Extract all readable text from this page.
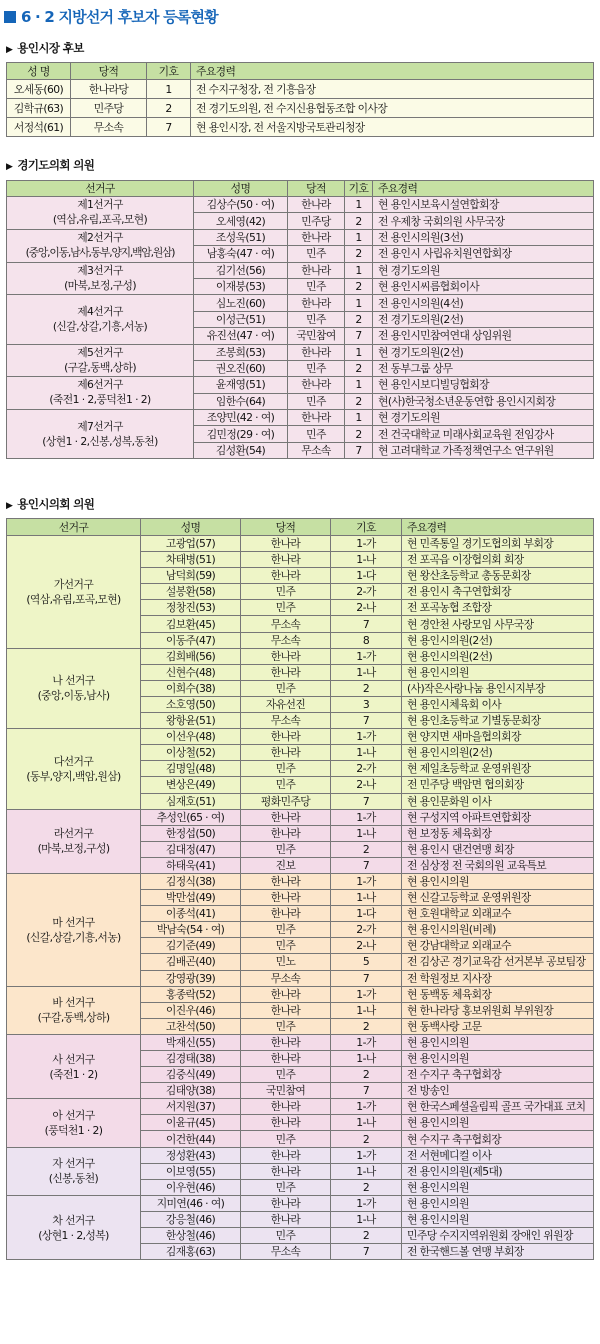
6 · 2 지방선거 후보자 등록현황
▶ 용인시장 후보
성 명	당적	기호	주요경력
오세동(60)	한나라당	1	전 수지구청장, 전 기흥읍장
김학규(63)	민주당	2	전 경기도의원, 전 수지신용협동조합 이사장
서정석(61)	무소속	7	현 용인시장, 전 서울지방국토관리청장
▶ 경기도의회 의원
선거구	성명	당적	기호	주요경력

제1선거구
(역삼,유림,포곡,모현)	김상수(50 · 여)	한나라	1	현 용인시보육시설연합회장
	오세영(42)	민주당	2	전 우제창 국회의원 사무국장

제2선거구
(중앙,이동,남사,동부,양지,백암,원삼)	조성욱(51)	한나라	1	전 용인시의원(3선)
	남홍숙(47 · 여)	민주	2	전 용인시 사립유치원연합회장

제3선거구
(마북,보정,구성)	김기선(56)	한나라	1	현 경기도의원
	이재붕(53)	민주	2	현 용인시씨름협회이사

제4선거구
(신갈,상갈,기흥,서농)	심노진(60)	한나라	1	전 용인시의원(4선)
	이성근(51)	민주	2	전 경기도의원(2선)
	유진선(47 · 여)	국민참여	7	전 용인시민참여연대 상임위원

제5선거구
(구갈,동백,상하)	조봉희(53)	한나라	1	현 경기도의원(2선)
	권오진(60)	민주	2	전 동부그룹 상무

제6선거구
(죽전1 · 2,풍덕천1 · 2)	윤재영(51)	한나라	1	현 용인시보디빌딩협회장
	임한수(64)	민주	2	현(사)한국청소년운동연합 용인시지회장

제7선거구
(상현1 · 2,신봉,성복,동천)	조양민(42 · 여)	한나라	1	현 경기도의원
	김민정(29 · 여)	민주	2	전 건국대학교 미래사회교육원 전임강사
	김성환(54)	무소속	7	현 고려대학교 가족정책연구소 연구위원
▶ 용인시의회 의원
선거구	성명	당적	기호	주요경력

가선거구
(역삼,유림,포곡,모현)	고광업(57)	한나라	1-가	현 민족통일 경기도협의회 부회장
	차태병(51)	한나라	1-나	전 포곡읍 이장협의회 회장
	남덕희(59)	한나라	1-다	현 왕산초등학교 총동문회장
	설봉환(58)	민주	2-가	전 용인시 축구연합회장
	정창진(53)	민주	2-나	전 포곡농협 조합장
	김보환(45)	무소속	7	현 경안천 사랑모임 사무국장
	이동주(47)	무소속	8	현 용인시의원(2선)

나 선거구
(중앙,이동,남사)	김희배(56)	한나라	1-가	현 용인시의원(2선)
	신현수(48)	한나라	1-나	현 용인시의원
	이희수(38)	민주	2	(사)작은사랑나눔 용인시지부장
	소호영(50)	자유선진	3	현 용인시체육회 이사
	왕항윤(51)	무소속	7	현 용인초등학교 기별동문회장

다선거구
(동부,양지,백암,원삼)	이선우(48)	한나라	1-가	현 양지면 새마을협의회장
	이상철(52)	한나라	1-나	현 용인시의원(2선)
	김명일(48)	민주	2-가	현 제일초등학교 운영위원장
	변상은(49)	민주	2-나	전 민주당 백암면 협의회장
	심재호(51)	평화민주당	7	현 용인문화원 이사

라선거구
(마북,보정,구성)	추성인(65 · 여)	한나라	1-가	현 구성지역 아파트연합회장
	한정섭(50)	한나라	1-나	현 보정동 체육회장
	김대정(47)	민주	2	현 용인시 댄건연맹 회장
	하태욱(41)	진보	7	전 심상정 전 국회의원 교육특보

마 선거구
(신갈,상갈,기흥,서농)	김정식(38)	한나라	1-가	현 용인시의원
	박만섭(49)	한나라	1-나	현 신갈고등학교 운영위원장
	이종석(41)	한나라	1-다	현 호원대학교 외래교수
	박남숙(54 · 여)	민주	2-가	현 용인시의원(비례)
	김기준(49)	민주	2-나	현 강남대학교 외래교수
	김배곤(40)	민노	5	전 김상곤 경기교육감 선거본부 공보팀장
	강영광(39)	무소속	7	전 학원정보 지사장

바 선거구
(구갈,동백,상하)	홍종락(52)	한나라	1-가	현 동백동 체육회장
	이진우(46)	한나라	1-나	현 한나라당 홍보위원회 부위원장
	고찬석(50)	민주	2	현 동백사랑 고문

사 선거구
(죽전1 · 2)	박재신(55)	한나라	1-가	현 용인시의원
	김경태(38)	한나라	1-나	현 용인시의원
	김중식(49)	민주	2	전 수지구 축구협회장
	김태양(38)	국민참여	7	전 방송인

아 선거구
(풍덕천1 · 2)	서지원(37)	한나라	1-가	현 한국스페셜올림픽 골프 국가대표 코치
	이윤규(45)	한나라	1-나	현 용인시의원
	이건한(44)	민주	2	현 수지구 축구협회장

자 선거구
(신봉,동천)	정성환(43)	한나라	1-가	전 서현메디컬 이사
	이보영(55)	한나라	1-나	전 용인시의원(제5대)
	이우현(46)	민주	2	현 용인시의원

차 선거구
(상현1 · 2,성복)	지미연(46 · 여)	한나라	1-가	현 용인시의원
	강응철(46)	한나라	1-나	현 용인시의원
	한상철(46)	민주	2	민주당 수지지역위원회 장애인 위원장
	김재홍(63)	무소속	7	전 한국핸드볼 연맹 부회장
